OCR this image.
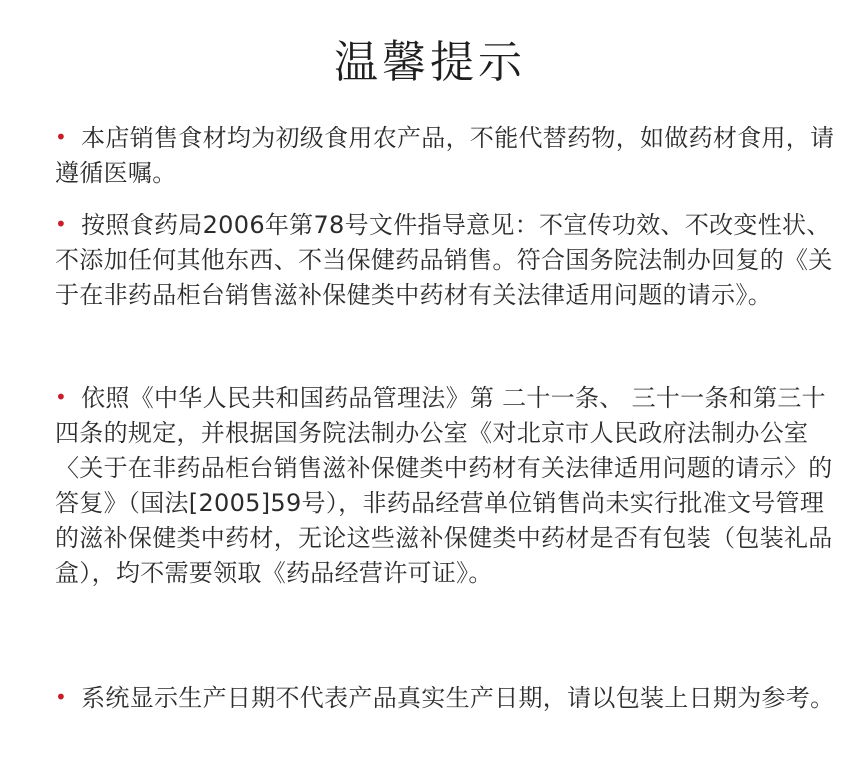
温馨提示
• 本店销售食材均为初级食用农产品，不能代替药物，如做药材食用，请遵循医嘱。
• 按照食药局2006年第78号文件指导意见：不宣传功效、不改变性状、不添加任何其他东西、不当保健药品销售。符合国务院法制办回复的《关于在非药品柜台销售滋补保健类中药材有关法律适用问题的请示》。
• 依照《中华人民共和国药品管理法》第 二十一条、 三十一条和第三十四条的规定，并根据国务院法制办公室《对北京市人民政府法制办公室〈关于在非药品柜台销售滋补保健类中药材有关法律适用问题的请示〉的答复》（国法[2005]59号），非药品经营单位销售尚未实行批准文号管理的滋补保健类中药材，无论这些滋补保健类中药材是否有包装（包装礼品盒），均不需要领取《药品经营许可证》。
• 系统显示生产日期不代表产品真实生产日期，请以包装上日期为参考。
